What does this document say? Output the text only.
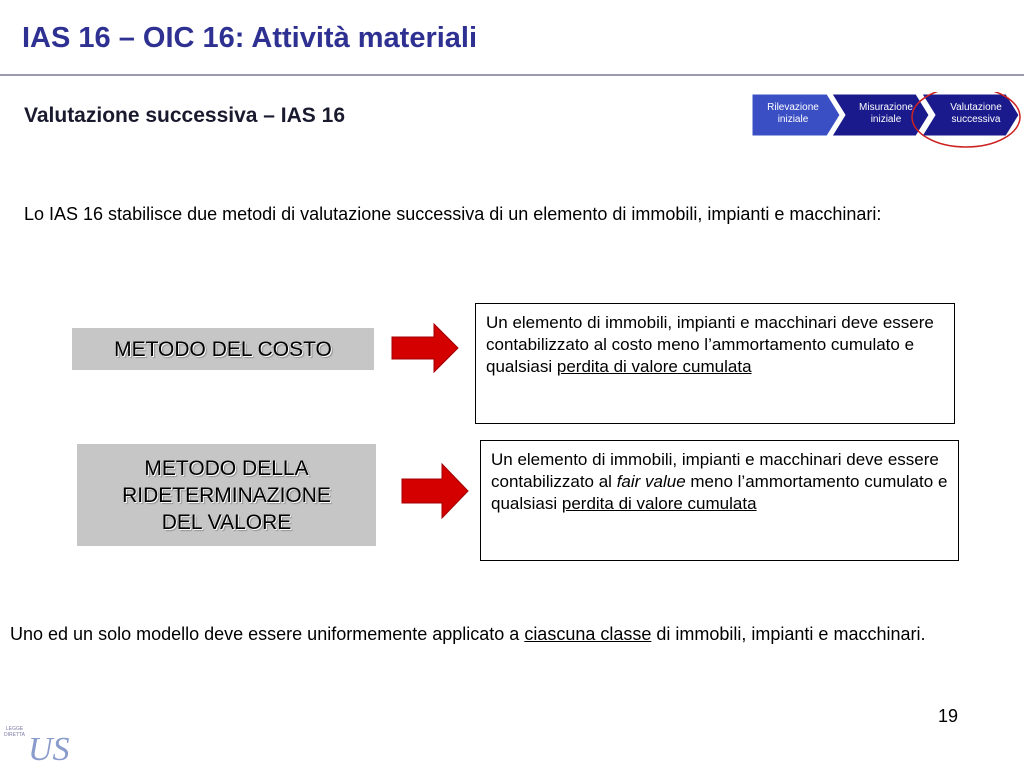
IAS 16 – OIC 16: Attività materiali
Valutazione successiva – IAS 16	Rilevazione
iniziale
Misurazione
iniziale
Valutazione
successiva
Lo IAS 16 stabilisce due metodi di valutazione successiva di un elemento di immobili, impianti e macchinari:
METODO DEL COSTO
Un elemento di immobili, impianti e macchinari deve essere contabilizzato al costo meno l’ammortamento cumulato e qualsiasi perdita di valore cumulata
METODO DELLA
RIDETERMINAZIONE
DEL VALORE
Un elemento di immobili, impianti e macchinari deve essere contabilizzato al fair value meno l’ammortamento cumulato e qualsiasi perdita di valore cumulata
Uno ed un solo modello deve essere uniformemente applicato a ciascuna classe di immobili, impianti e macchinari.
19
LEGGE
DIRETTA US
